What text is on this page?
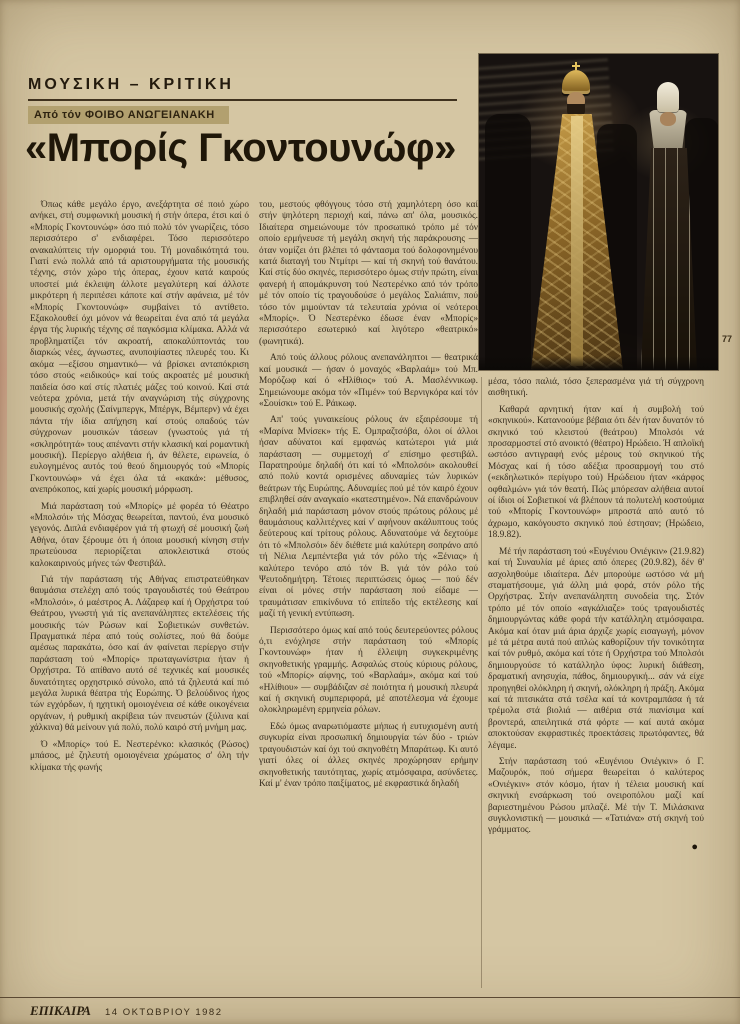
ΜΟΥΣΙΚΗ – ΚΡΙΤΙΚΗ
Από τόν ΦΟΙΒΟ ΑΝΩΓΕΙΑΝΑΚΗ
«Μπορίς Γκοντουνώφ»
77

Όπως κάθε μεγάλο έργο, ανεξάρτητα σέ ποιό χώρο ανήκει, στή συμφωνική μουσική ή στήν όπερα, έτσι καί ό «Μπορίς Γκοντουνώφ» όσο πιό πολύ τόν γνωρίζεις, τόσο περισσότερο σ' ενδιαφέρει. Τόσο περισσότερο ανακαλύπτεις τήν ομορφιά του. Τή μοναδικότητά του. Γιατί ενώ πολλά από τά αριστουργήματα τής μουσικής τέχνης, στόν χώρο τής όπερας, έχουν κατά καιρούς υποστεί μιά έκλειψη άλλοτε μεγαλύτερη καί άλλοτε μικρότερη ή περιπέσει κάποτε καί στήν αφάνεια, μέ τόν «Μπορίς Γκοντουνώφ» συμβαίνει τό αντίθετο. Εξακολουθεί όχι μόνον νά θεωρείται ένα από τά μεγάλα έργα τής λυρικής τέχνης σέ παγκόσμια κλίμακα. Αλλά νά προβληματίζει τόν ακροατή, αποκαλύπτοντάς του διαρκώς νέες, άγνωστες, ανυποψίαστες πλευρές του. Κι ακόμα —εξίσου σημαντικό— νά βρίσκει ανταπόκριση τόσο στούς «ειδικούς» καί τούς ακροατές μέ μουσική παιδεία όσο καί στίς πλατιές μάζες τού κοινού. Καί στά νεότερα χρόνια, μετά τήν αναγνώριση τής σύγχρονης μουσικής σχολής (Σαίνμπεργκ, Μπέργκ, Βέμπερν) νά έχει πάντα τήν ίδια απήχηση καί στούς οπαδούς τών σύγχρονων μουσικών τάσεων (γνωστούς γιά τή «σκληρότητά» τους απέναντι στήν κλασική καί ρομαντική μουσική). Περίεργο αλήθεια ή, άν θέλετε, ειρωνεία, ό ευλογημένος αυτός τού θεού δημιουργός τού «Μπορίς Γκοντουνώφ» νά έχει όλα τά «κακά»: μέθυσος, ανεπρόκοπος, καί χωρίς μουσική μόρφωση.

Μιά παράσταση τού «Μπορίς» μέ φορέα τό Θέατρο «Μπολσόι» τής Μόσχας θεωρείται, παντού, ένα μουσικό γεγονός. Διπλά ενδιαφέρον γιά τή φτωχή σέ μουσική ζωή Αθήνα, όταν ξέρουμε ότι ή όποια μουσική κίνηση στήν πρωτεύουσα περιορίζεται αποκλειστικά στούς καλοκαιρινούς μήνες τών Φεστιβάλ.

Γιά τήν παράσταση τής Αθήνας επιστρατεύθηκαν θαυμάσια στελέχη από τούς τραγουδιστές τού Θεάτρου «Μπολσόι», ό μαέστρος Α. Λάζαρεφ καί ή Ορχήστρα τού Θεάτρου, γνωστή γιά τίς ανεπανάληπτες εκτελέσεις τής μουσικής τών Ρώσων καί Σοβιετικών συνθετών. Πραγματικά πέρα από τούς σολίστες, πού θά δούμε αμέσως παρακάτω, όσο καί άν φαίνεται περίεργο στήν παράσταση τού «Μπορίς» πρωταγωνίστρια ήταν ή Ορχήστρα. Τό απίθανο αυτό σέ τεχνικές καί μουσικές δυνατότητες ορχηστρικό σύνολο, από τά ζηλευτά καί πιό μεγάλα λυρικά θέατρα τής Ευρώπης. Ό βελούδινος ήχος τών εγχόρδων, ή ηχητική ομοιογένεια σέ κάθε οικογένεια οργάνων, ή ρυθμική ακρίβεια τών πνευστών (ξύλινα καί χάλκινα) θά μείνουν γιά πολύ, πολύ καιρό στή μνήμη μας.

Ό «Μπορίς» τού Ε. Νεστερένκο: κλασικός (Ρώσος) μπάσος, μέ ζηλευτή ομοιογένεια χρώματος σ' όλη τήν κλίμακα τής φωνής

του, μεστούς φθόγγους τόσο στή χαμηλότερη όσο καί στήν ψηλότερη περιοχή καί, πάνω απ' όλα, μουσικός. Ιδιαίτερα σημειώνουμε τόν προσωπικό τρόπο μέ τόν οποίο ερμήνευσε τή μεγάλη σκηνή τής παράκρουσης — όταν νομίζει ότι βλέπει τό φάντασμα τού δολοφονημένου κατά διαταγή του Ντμίτρι — καί τή σκηνή τού θανάτου. Καί στίς δύο σκηνές, περισσότερο όμως στήν πρώτη, είναι φανερή ή απομάκρυνση τού Νεστερένκο από τόν τρόπο μέ τόν οποίο τίς τραγουδούσε ό μεγάλος Σαλιάπιν, πού τόσο τόν μιμούνταν τά τελευταία χρόνια οί νεότεροι «Μπορίς». Ό Νεστερένκο έδωσε έναν «Μπορίς» περισσότερο εσωτερικό καί λιγότερο «θεατρικό» (φωνητικά).

Από τούς άλλους ρόλους ανεπανάληπτοι — θεατρικά καί μουσικά — ήσαν ό μοναχός «Βαρλαάμ» τού Μπ. Μορόζωφ καί ό «Ηλίθιος» τού Α. Μασλέννικωφ. Σημειώνουμε ακόμα τόν «Πιμέν» τού Βερνιγκόρα καί τόν «Σουίσκι» τού Ε. Ράικωφ.

Απ' τούς γυναικείους ρόλους άν εξαιρέσουμε τή «Μαρίνα Μνίσεκ» τής Ε. Ομπραζτσόβα, όλοι οί άλλοι ήσαν αδύνατοι καί εμφανώς κατώτεροι γιά μιά παράσταση — συμμετοχή σ' επίσημο φεστιβάλ. Παρατηρούμε δηλαδή ότι καί τό «Μπολσόι» ακολουθεί από πολύ κοντά ορισμένες αδυναμίες τών λυρικών θεάτρων τής Ευρώπης. Αδυναμίες πού μέ τόν καιρό έχουν επιβληθεί σάν αναγκαίο «κατεστημένο». Νά επανδρώνουν δηλαδή μιά παράσταση μόνον στούς πρώτους ρόλους μέ θαυμάσιους καλλιτέχνες καί ν' αφήνουν ακάλυπτους τούς δεύτερους καί τρίτους ρόλους. Αδυνατούμε νά δεχτούμε ότι τό «Μπολσόι» δέν διέθετε μιά καλύτερη σοπράνο από τή Νέλια Λεμπέντεβα γιά τόν ρόλο τής «Ξένιας» ή καλύτερο τενόρο από τόν Β. γιά τόν ρόλο τού Ψευτοδημήτρη. Τέτοιες περιπτώσεις όμως — πού δέν είναι οί μόνες στήν παράσταση πού είδαμε — τραυμάτισαν επικίνδυνα τό επίπεδο τής εκτέλεσης καί μαζί τή γενική εντύπωση.

Περισσότερο όμως καί από τούς δευτερεύοντες ρόλους ό,τι ενόχλησε στήν παράσταση τού «Μπορίς Γκοντουνώφ» ήταν ή έλλειψη συγκεκριμένης σκηνοθετικής γραμμής. Ασφαλώς στούς κύριους ρόλους, τού «Μπορίς» αίφνης, τού «Βαρλαάμ», ακόμα καί τού «Ηλίθιου» — συμβάδιζαν σέ ποιότητα ή μουσική πλευρά καί ή σκηνική συμπεριφορά, μέ αποτέλεσμα νά έχουμε ολοκληρωμένη ερμηνεία ρόλων.

Εδώ όμως αναρωτιόμαστε μήπως ή ευτυχισμένη αυτή συγκυρία είναι προσωπική δημιουργία τών δύο - τριών τραγουδιστών καί όχι τού σκηνοθέτη Μπαράτωφ. Κι αυτό γιατί όλες οί άλλες σκηνές προχώρησαν ερήμην σκηνοθετικής ταυτότητας, χωρίς ατμόσφαιρα, ασύνδετες. Καί μ' έναν τρόπο παιξίματος, μέ εκφραστικά δηλαδή

μέσα, τόσο παλιά, τόσο ξεπερασμένα γιά τή σύγχρονη αισθητική.

Καθαρά αρνητική ήταν καί ή συμβολή τού «σκηνικού». Κατανοούμε βέβαια ότι δέν ήταν δυνατόν τό σκηνικό τού κλειστού (θεάτρου) Μπολσόι νά προσαρμοστεί στό ανοικτό (θέατρο) Ηρώδειο. Ή απλοϊκή ωστόσο αντιγραφή ενός μέρους τού σκηνικού τής Μόσχας καί ή τόσο αδέξια προσαρμογή του στό («εκδηλωτικό» περίγυρο τού) Ηρώδειου ήταν «κάρφος οφθαλμών» γιά τόν θεατή. Πώς μπόρεσαν αλήθεια αυτοί οί ίδιοι οί Σοβιετικοί νά βλέπουν τά πολυτελή κοστούμια τού «Μπορίς Γκοντουνώφ» μπροστά από αυτό τό άχρωμο, κακόγουστο σκηνικό πού έστησαν; (Ηρώδειο, 18.9.82).

Μέ τήν παράσταση τού «Ευγένιου Ονιέγκιν» (21.9.82) καί τή Συναυλία μέ άριες από όπερες (20.9.82), δέν θ' ασχοληθούμε ιδιαίτερα. Δέν μπορούμε ωστόσο νά μή σταματήσουμε, γιά άλλη μιά φορά, στόν ρόλο τής Ορχήστρας. Στήν ανεπανάληπτη συνοδεία της. Στόν τρόπο μέ τόν οποίο «αγκάλιαζε» τούς τραγουδιστές δημιουργώντας κάθε φορά τήν κατάλληλη ατμόσφαιρα. Ακόμα καί όταν μιά άρια άρχιζε χωρίς εισαγωγή, μόνον μέ τά μέτρα αυτά πού απλώς καθορίζουν τήν τονικότητα καί τόν ρυθμό, ακόμα καί τότε ή Ορχήστρα τού Μπολσόι δημιουργούσε τό κατάλληλο ύφος: λυρική διάθεση, δραματική ανησυχία, πάθος, δημιουργική... σάν νά είχε προηγηθεί ολόκληρη ή σκηνή, ολόκληρη ή πράξη. Ακόμα καί τά πιτσικάτα στά τσέλα καί τά κοντραμπάσα ή τά τρέμολα στά βιολιά — αιθέρια στά πιανίσιμα καί βροντερά, απειλητικά στά φόρτε — καί αυτά ακόμα αποκτούσαν εκφραστικές προεκτάσεις πρωτόφαντες, θά λέγαμε.

Στήν παράσταση τού «Ευγένιου Ονιέγκιν» ό Γ. Μαζουρόκ, πού σήμερα θεωρείται ό καλύτερος «Ονιέγκιν» στόν κόσμο, ήταν ή τέλεια μουσική καί σκηνική ενσάρκωση τού ονειροπόλου μαζί καί βαριεστημένου Ρώσου μπλαζέ. Μέ τήν Τ. Μιλάσκινα συγκλονιστική — μουσικά — «Τατιάνα» στή σκηνή τού γράμματος.

●
ΕΠΙΚΑΙΡΑ 14 ΟΚΤΩΒΡΙΟΥ 1982
